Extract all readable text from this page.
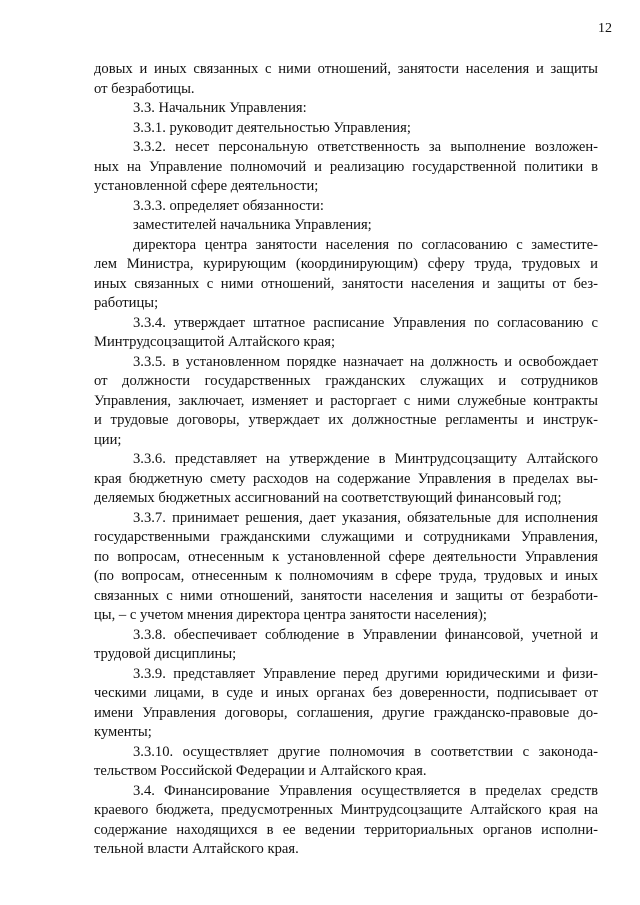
12
довых и иных связанных с ними отношений, занятости населения и защиты
от безработицы.
3.3. Начальник Управления:
3.3.1. руководит деятельностью Управления;
3.3.2. несет персональную ответственность за выполнение возложен-
ных на Управление полномочий и реализацию государственной политики в
установленной сфере деятельности;
3.3.3. определяет обязанности:
заместителей начальника Управления;
директора центра занятости населения по согласованию с заместите-
лем Министра, курирующим (координирующим) сферу труда, трудовых и
иных связанных с ними отношений, занятости населения и защиты от без-
работицы;
3.3.4. утверждает штатное расписание Управления по согласованию с
Минтрудсоцзащитой Алтайского края;
3.3.5. в установленном порядке назначает на должность и освобождает
от должности государственных гражданских служащих и сотрудников
Управления, заключает, изменяет и расторгает с ними служебные контракты
и трудовые договоры, утверждает их должностные регламенты и инструк-
ции;
3.3.6. представляет на утверждение в Минтрудсоцзащиту Алтайского
края бюджетную смету расходов на содержание Управления в пределах вы-
деляемых бюджетных ассигнований на соответствующий финансовый год;
3.3.7. принимает решения, дает указания, обязательные для исполнения
государственными гражданскими служащими и сотрудниками Управления,
по вопросам, отнесенным к установленной сфере деятельности Управления
(по вопросам, отнесенным к полномочиям в сфере труда, трудовых и иных
связанных с ними отношений, занятости населения и защиты от безработи-
цы, – с учетом мнения директора центра занятости населения);
3.3.8. обеспечивает соблюдение в Управлении финансовой, учетной и
трудовой дисциплины;
3.3.9. представляет Управление перед другими юридическими и физи-
ческими лицами, в суде и иных органах без доверенности, подписывает от
имени Управления договоры, соглашения, другие гражданско-правовые до-
кументы;
3.3.10. осуществляет другие полномочия в соответствии с законода-
тельством Российской Федерации и Алтайского края.
3.4. Финансирование Управления осуществляется в пределах средств
краевого бюджета, предусмотренных Минтрудсоцзащите Алтайского края на
содержание находящихся в ее ведении территориальных органов исполни-
тельной власти Алтайского края.
